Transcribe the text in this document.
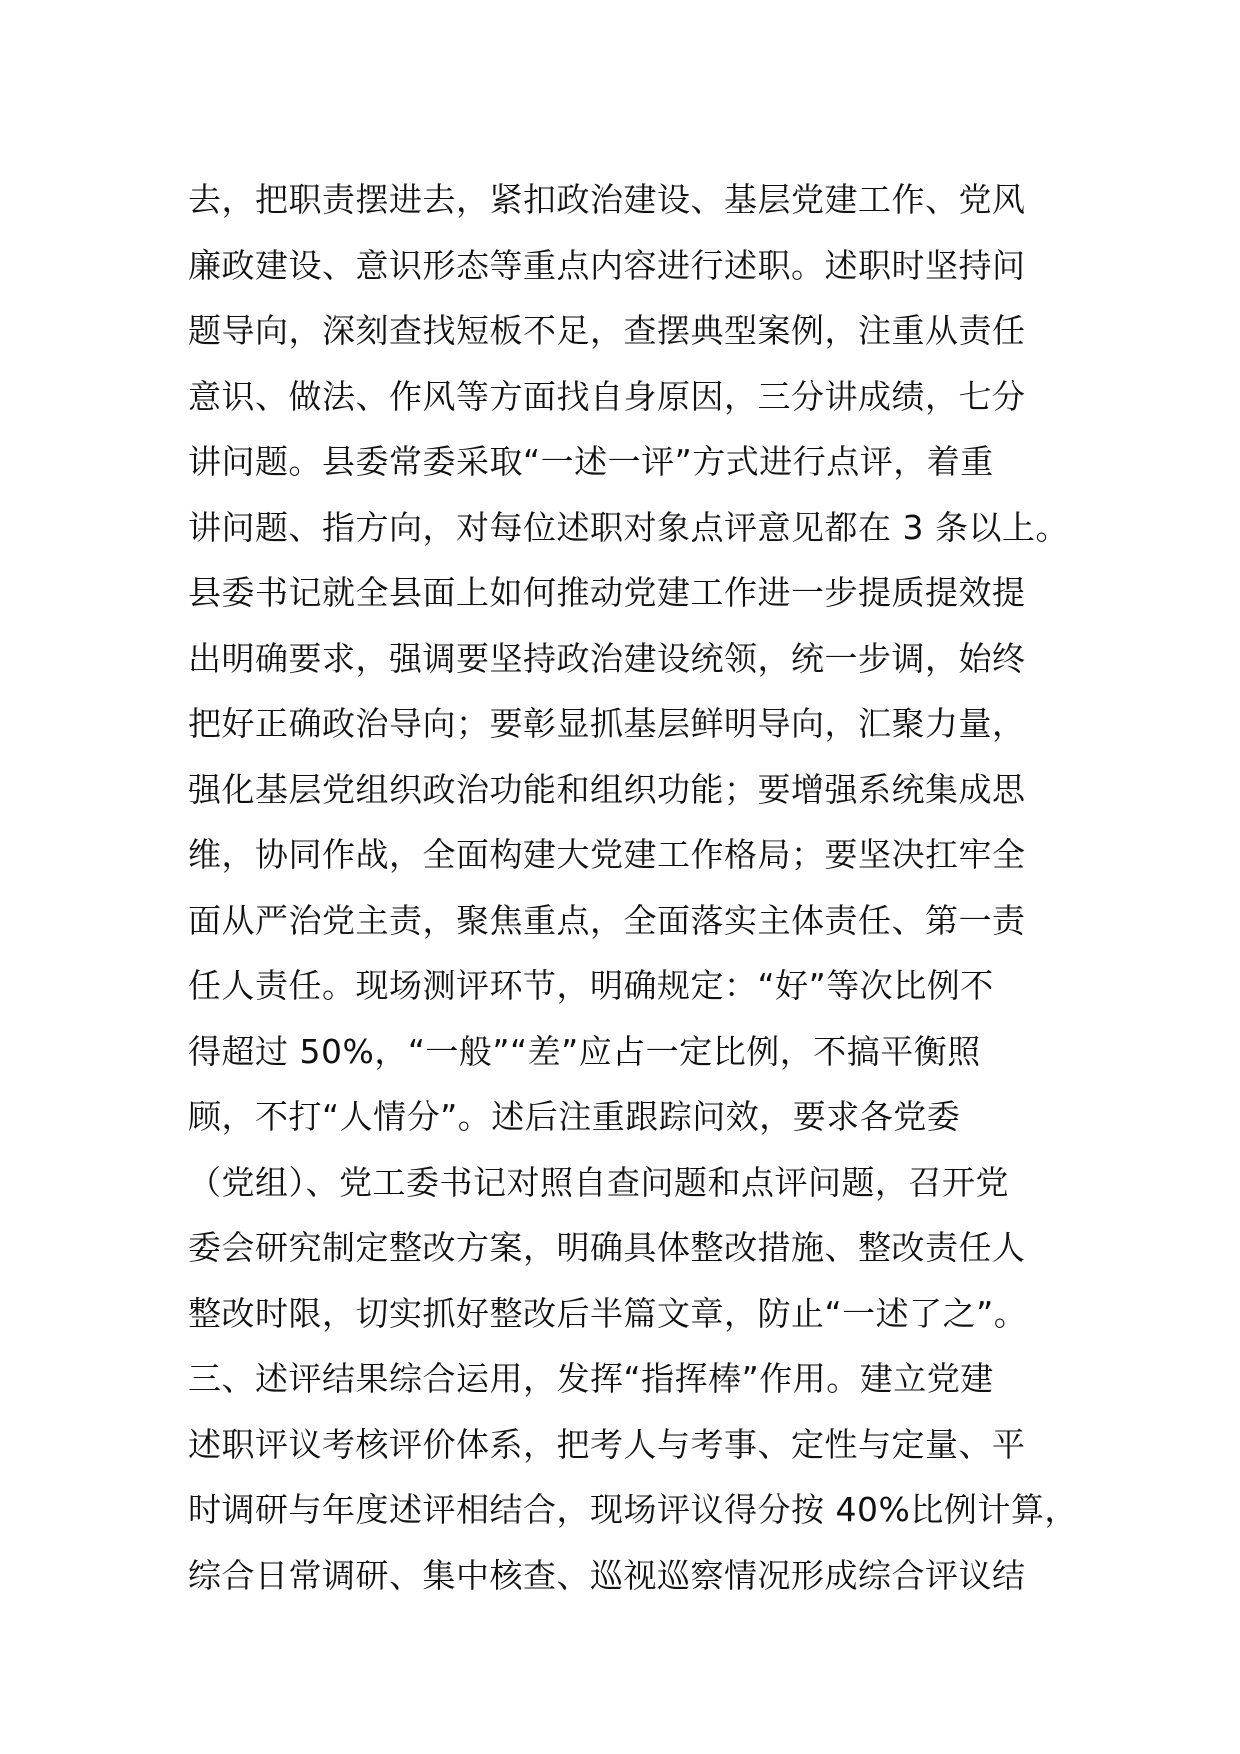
去，把职责摆进去，紧扣政治建设、基层党建工作、党风
廉政建设、意识形态等重点内容进行述职。述职时坚持问
题导向，深刻查找短板不足，查摆典型案例，注重从责任
意识、做法、作风等方面找自身原因，三分讲成绩，七分
讲问题。县委常委采取“一述一评”方式进行点评，着重
讲问题、指方向，对每位述职对象点评意见都在 3 条以上。
县委书记就全县面上如何推动党建工作进一步提质提效提
出明确要求，强调要坚持政治建设统领，统一步调，始终
把好正确政治导向；要彰显抓基层鲜明导向，汇聚力量，
强化基层党组织政治功能和组织功能；要增强系统集成思
维，协同作战，全面构建大党建工作格局；要坚决扛牢全
面从严治党主责，聚焦重点，全面落实主体责任、第一责
任人责任。现场测评环节，明确规定：“好”等次比例不
得超过 50%，“一般”“差”应占一定比例，不搞平衡照
顾，不打“人情分”。述后注重跟踪问效，要求各党委
（党组）、党工委书记对照自查问题和点评问题，召开党
委会研究制定整改方案，明确具体整改措施、整改责任人
整改时限，切实抓好整改后半篇文章，防止“一述了之”。
三、述评结果综合运用，发挥“指挥棒”作用。建立党建
述职评议考核评价体系，把考人与考事、定性与定量、平
时调研与年度述评相结合，现场评议得分按 40%比例计算，
综合日常调研、集中核查、巡视巡察情况形成综合评议结
